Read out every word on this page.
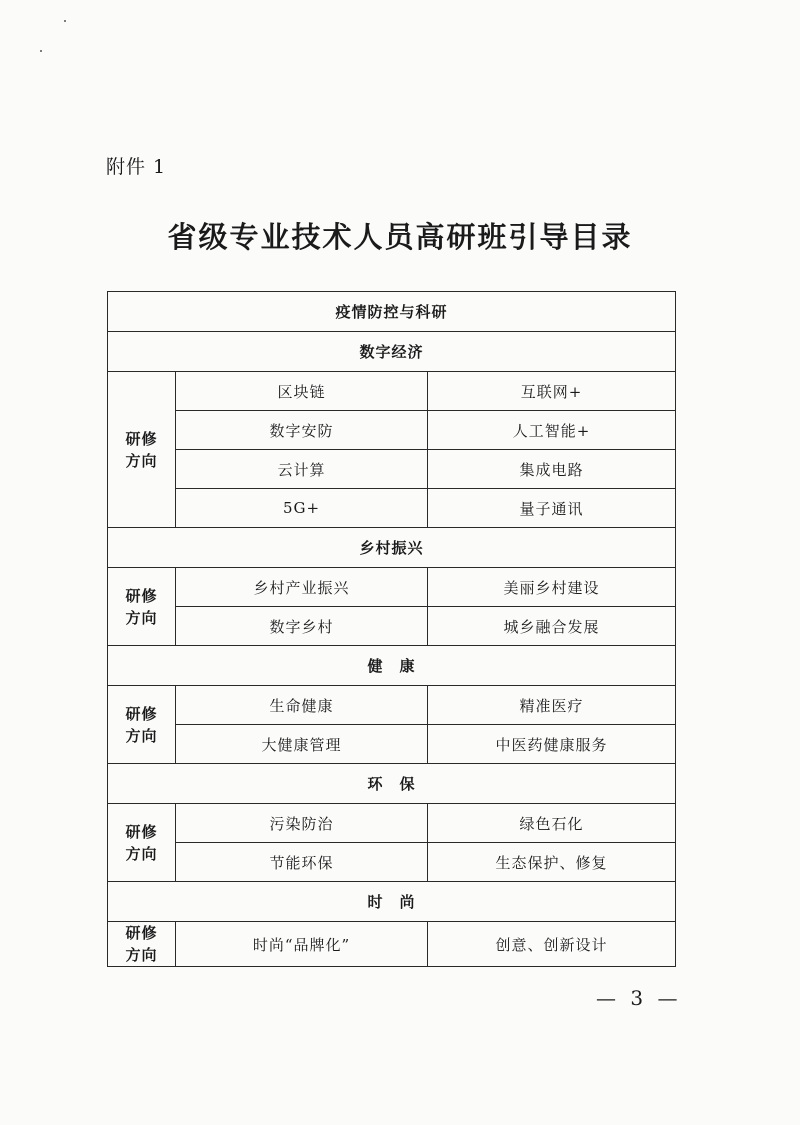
附件 1
省级专业技术人员高研班引导目录
疫情防控与科研		
数字经济		

研修
方向	区块链	互联网+
	数字安防	人工智能+
	云计算	集成电路
	5G+	量子通讯
乡村振兴		

研修
方向	乡村产业振兴	美丽乡村建设
	数字乡村	城乡融合发展
健　康		

研修
方向	生命健康	精准医疗
	大健康管理	中医药健康服务
环　保		

研修
方向	污染防治	绿色石化
	节能环保	生态保护、修复
时　尚		

研修
方向	时尚“品牌化”	创意、创新设计
— 3 —
